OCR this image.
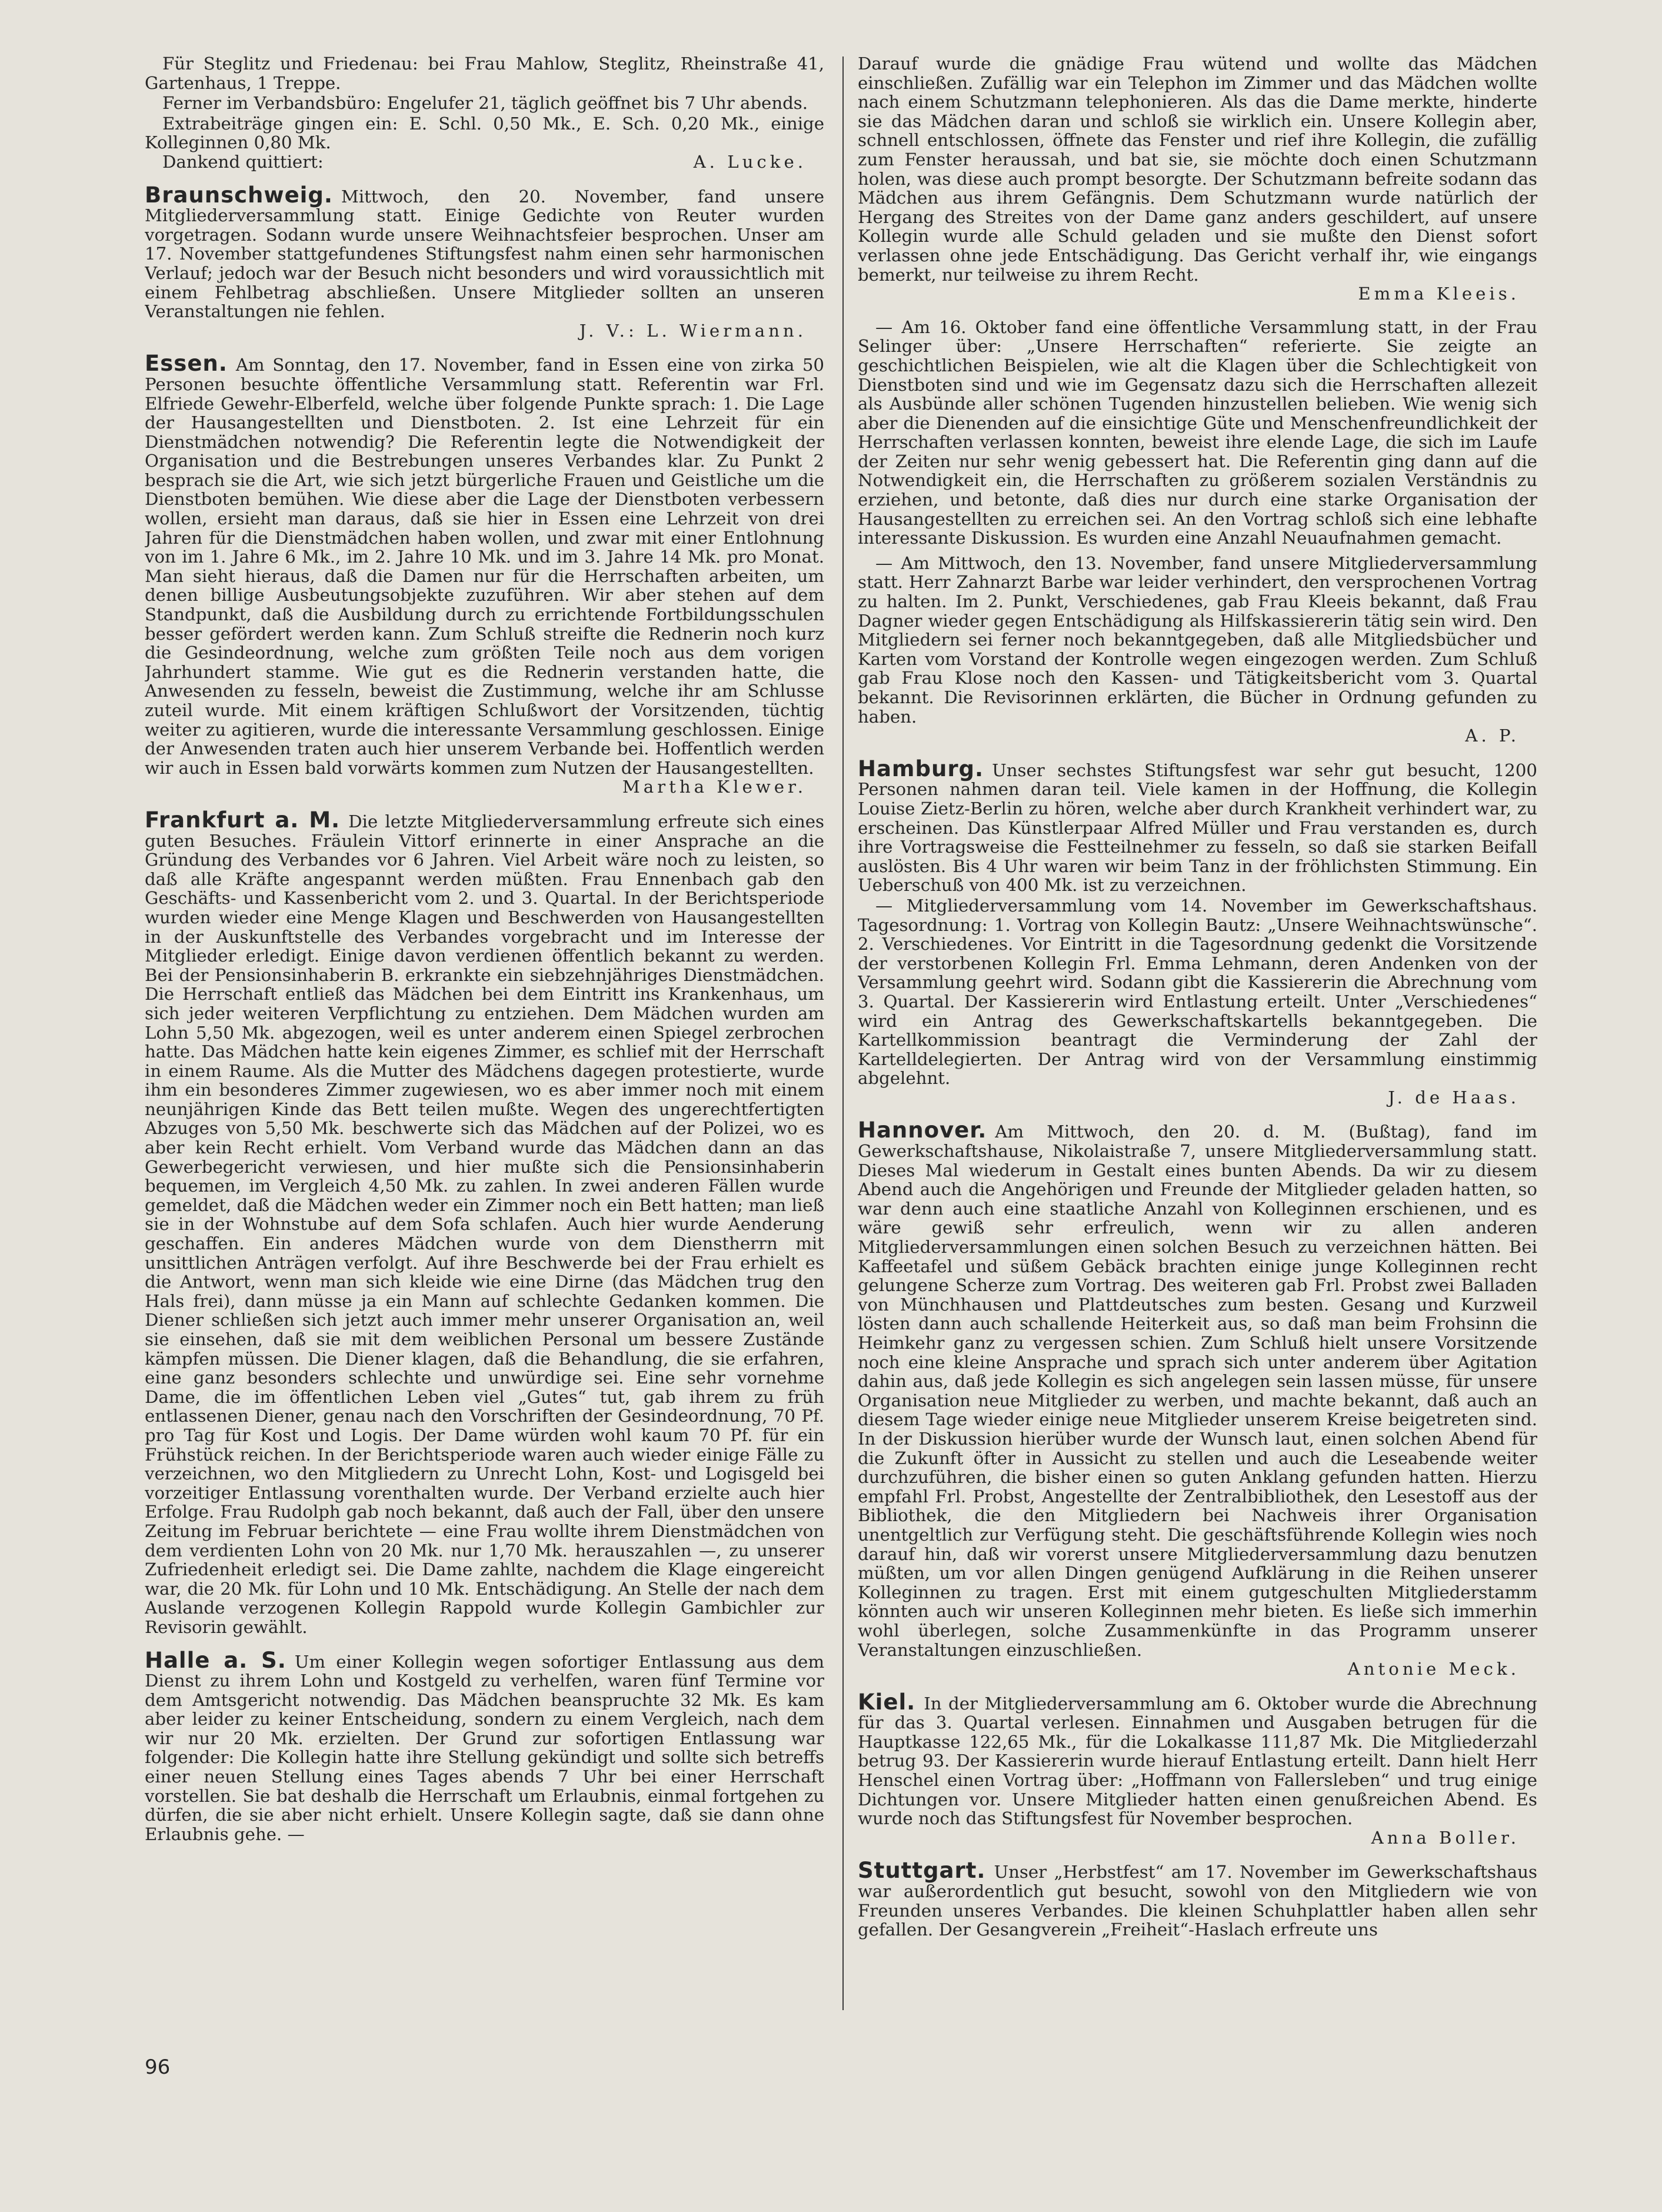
Für Steglitz und Friedenau: bei Frau Mahlow, Steglitz, Rheinstraße 41, Gartenhaus, 1 Treppe.

Ferner im Verbandsbüro: Engelufer 21, täglich geöffnet bis 7 Uhr abends.

Extrabeiträge gingen ein: E. Schl. 0,50 Mk., E. Sch. 0,20 Mk., einige Kolleginnen 0,80 Mk.

Dankend quittiert:	A. Lucke.

Braunschweig. Mittwoch, den 20. November, fand unsere Mitgliederversammlung statt. Einige Gedichte von Reuter wurden vorgetragen. Sodann wurde unsere Weihnachtsfeier besprochen. Unser am 17. November stattgefundenes Stiftungsfest nahm einen sehr harmonischen Verlauf; jedoch war der Besuch nicht besonders und wird voraussichtlich mit einem Fehlbetrag abschließen. Unsere Mitglieder sollten an unseren Veranstaltungen nie fehlen.

J. V.: L. Wiermann.

Essen. Am Sonntag, den 17. November, fand in Essen eine von zirka 50 Personen besuchte öffentliche Versammlung statt. Referentin war Frl. Elfriede Gewehr-Elberfeld, welche über folgende Punkte sprach: 1. Die Lage der Hausangestellten und Dienstboten. 2. Ist eine Lehrzeit für ein Dienstmädchen notwendig? Die Referentin legte die Notwendigkeit der Organisation und die Bestrebungen unseres Verbandes klar. Zu Punkt 2 besprach sie die Art, wie sich jetzt bürgerliche Frauen und Geistliche um die Dienstboten bemühen. Wie diese aber die Lage der Dienstboten verbessern wollen, ersieht man daraus, daß sie hier in Essen eine Lehrzeit von drei Jahren für die Dienstmädchen haben wollen, und zwar mit einer Entlohnung von im 1. Jahre 6 Mk., im 2. Jahre 10 Mk. und im 3. Jahre 14 Mk. pro Monat. Man sieht hieraus, daß die Damen nur für die Herrschaften arbeiten, um denen billige Ausbeutungsobjekte zuzuführen. Wir aber stehen auf dem Standpunkt, daß die Ausbildung durch zu errichtende Fortbildungsschulen besser gefördert werden kann. Zum Schluß streifte die Rednerin noch kurz die Gesindeordnung, welche zum größten Teile noch aus dem vorigen Jahrhundert stamme. Wie gut es die Rednerin verstanden hatte, die Anwesenden zu fesseln, beweist die Zustimmung, welche ihr am Schlusse zuteil wurde. Mit einem kräftigen Schlußwort der Vorsitzenden, tüchtig weiter zu agitieren, wurde die interessante Versammlung geschlossen. Einige der Anwesenden traten auch hier unserem Verbande bei. Hoffentlich werden wir auch in Essen bald vorwärts kommen zum Nutzen der Hausangestellten.

Martha Klewer.

Frankfurt a. M. Die letzte Mitgliederversammlung erfreute sich eines guten Besuches. Fräulein Vittorf erinnerte in einer Ansprache an die Gründung des Verbandes vor 6 Jahren. Viel Arbeit wäre noch zu leisten, so daß alle Kräfte angespannt werden müßten. Frau Ennenbach gab den Geschäfts- und Kassenbericht vom 2. und 3. Quartal. In der Berichtsperiode wurden wieder eine Menge Klagen und Beschwerden von Hausangestellten in der Auskunftstelle des Verbandes vorgebracht und im Interesse der Mitglieder erledigt. Einige davon verdienen öffentlich bekannt zu werden. Bei der Pensionsinhaberin B. erkrankte ein siebzehnjähriges Dienstmädchen. Die Herrschaft entließ das Mädchen bei dem Eintritt ins Krankenhaus, um sich jeder weiteren Verpflichtung zu entziehen. Dem Mädchen wurden am Lohn 5,50 Mk. abgezogen, weil es unter anderem einen Spiegel zerbrochen hatte. Das Mädchen hatte kein eigenes Zimmer, es schlief mit der Herrschaft in einem Raume. Als die Mutter des Mädchens dagegen protestierte, wurde ihm ein besonderes Zimmer zugewiesen, wo es aber immer noch mit einem neunjährigen Kinde das Bett teilen mußte. Wegen des ungerechtfertigten Abzuges von 5,50 Mk. beschwerte sich das Mädchen auf der Polizei, wo es aber kein Recht erhielt. Vom Verband wurde das Mädchen dann an das Gewerbegericht verwiesen, und hier mußte sich die Pensionsinhaberin bequemen, im Vergleich 4,50 Mk. zu zahlen. In zwei anderen Fällen wurde gemeldet, daß die Mädchen weder ein Zimmer noch ein Bett hatten; man ließ sie in der Wohnstube auf dem Sofa schlafen. Auch hier wurde Aenderung geschaffen. Ein anderes Mädchen wurde von dem Dienstherrn mit unsittlichen Anträgen verfolgt. Auf ihre Beschwerde bei der Frau erhielt es die Antwort, wenn man sich kleide wie eine Dirne (das Mädchen trug den Hals frei), dann müsse ja ein Mann auf schlechte Gedanken kommen. Die Diener schließen sich jetzt auch immer mehr unserer Organisation an, weil sie einsehen, daß sie mit dem weiblichen Personal um bessere Zustände kämpfen müssen. Die Diener klagen, daß die Behandlung, die sie erfahren, eine ganz besonders schlechte und unwürdige sei. Eine sehr vornehme Dame, die im öffentlichen Leben viel „Gutes“ tut, gab ihrem zu früh entlassenen Diener, genau nach den Vorschriften der Gesindeordnung, 70 Pf. pro Tag für Kost und Logis. Der Dame würden wohl kaum 70 Pf. für ein Frühstück reichen. In der Berichtsperiode waren auch wieder einige Fälle zu verzeichnen, wo den Mitgliedern zu Unrecht Lohn, Kost- und Logisgeld bei vorzeitiger Entlassung vorenthalten wurde. Der Verband erzielte auch hier Erfolge. Frau Rudolph gab noch bekannt, daß auch der Fall, über den unsere Zeitung im Februar berichtete — eine Frau wollte ihrem Dienstmädchen von dem verdienten Lohn von 20 Mk. nur 1,70 Mk. herauszahlen —, zu unserer Zufriedenheit erledigt sei. Die Dame zahlte, nachdem die Klage eingereicht war, die 20 Mk. für Lohn und 10 Mk. Entschädigung. An Stelle der nach dem Auslande verzogenen Kollegin Rappold wurde Kollegin Gambichler zur Revisorin gewählt.

Halle a. S. Um einer Kollegin wegen sofortiger Entlassung aus dem Dienst zu ihrem Lohn und Kostgeld zu verhelfen, waren fünf Termine vor dem Amtsgericht notwendig. Das Mädchen beanspruchte 32 Mk. Es kam aber leider zu keiner Entscheidung, sondern zu einem Vergleich, nach dem wir nur 20 Mk. erzielten. Der Grund zur sofortigen Entlassung war folgender: Die Kollegin hatte ihre Stellung gekündigt und sollte sich betreffs einer neuen Stellung eines Tages abends 7 Uhr bei einer Herrschaft vorstellen. Sie bat deshalb die Herrschaft um Erlaubnis, einmal fortgehen zu dürfen, die sie aber nicht erhielt. Unsere Kollegin sagte, daß sie dann ohne Erlaubnis gehe. —

Darauf wurde die gnädige Frau wütend und wollte das Mädchen einschließen. Zufällig war ein Telephon im Zimmer und das Mädchen wollte nach einem Schutzmann telephonieren. Als das die Dame merkte, hinderte sie das Mädchen daran und schloß sie wirklich ein. Unsere Kollegin aber, schnell entschlossen, öffnete das Fenster und rief ihre Kollegin, die zufällig zum Fenster heraussah, und bat sie, sie möchte doch einen Schutzmann holen, was diese auch prompt besorgte. Der Schutzmann befreite sodann das Mädchen aus ihrem Gefängnis. Dem Schutzmann wurde natürlich der Hergang des Streites von der Dame ganz anders geschildert, auf unsere Kollegin wurde alle Schuld geladen und sie mußte den Dienst sofort verlassen ohne jede Entschädigung. Das Gericht verhalf ihr, wie eingangs bemerkt, nur teilweise zu ihrem Recht.

Emma Kleeis.

— Am 16. Oktober fand eine öffentliche Versammlung statt, in der Frau Selinger über: „Unsere Herrschaften“ referierte. Sie zeigte an geschichtlichen Beispielen, wie alt die Klagen über die Schlechtigkeit von Dienstboten sind und wie im Gegensatz dazu sich die Herrschaften allezeit als Ausbünde aller schönen Tugenden hinzustellen belieben. Wie wenig sich aber die Dienenden auf die einsichtige Güte und Menschenfreundlichkeit der Herrschaften verlassen konnten, beweist ihre elende Lage, die sich im Laufe der Zeiten nur sehr wenig gebessert hat. Die Referentin ging dann auf die Notwendigkeit ein, die Herrschaften zu größerem sozialen Verständnis zu erziehen, und betonte, daß dies nur durch eine starke Organisation der Hausangestellten zu erreichen sei. An den Vortrag schloß sich eine lebhafte interessante Diskussion. Es wurden eine Anzahl Neuaufnahmen gemacht.

— Am Mittwoch, den 13. November, fand unsere Mitgliederversammlung statt. Herr Zahnarzt Barbe war leider verhindert, den versprochenen Vortrag zu halten. Im 2. Punkt, Verschiedenes, gab Frau Kleeis bekannt, daß Frau Dagner wieder gegen Entschädigung als Hilfskassiererin tätig sein wird. Den Mitgliedern sei ferner noch bekanntgegeben, daß alle Mitgliedsbücher und Karten vom Vorstand der Kontrolle wegen eingezogen werden. Zum Schluß gab Frau Klose noch den Kassen- und Tätigkeitsbericht vom 3. Quartal bekannt. Die Revisorinnen erklärten, die Bücher in Ordnung gefunden zu haben.

A. P.

Hamburg. Unser sechstes Stiftungsfest war sehr gut besucht, 1200 Personen nahmen daran teil. Viele kamen in der Hoffnung, die Kollegin Louise Zietz-Berlin zu hören, welche aber durch Krankheit verhindert war, zu erscheinen. Das Künstlerpaar Alfred Müller und Frau verstanden es, durch ihre Vortragsweise die Festteilnehmer zu fesseln, so daß sie starken Beifall auslösten. Bis 4 Uhr waren wir beim Tanz in der fröhlichsten Stimmung. Ein Ueberschuß von 400 Mk. ist zu verzeichnen.

— Mitgliederversammlung vom 14. November im Gewerkschaftshaus. Tagesordnung: 1. Vortrag von Kollegin Bautz: „Unsere Weihnachtswünsche“. 2. Verschiedenes. Vor Eintritt in die Tagesordnung gedenkt die Vorsitzende der verstorbenen Kollegin Frl. Emma Lehmann, deren Andenken von der Versammlung geehrt wird. Sodann gibt die Kassiererin die Abrechnung vom 3. Quartal. Der Kassiererin wird Entlastung erteilt. Unter „Verschiedenes“ wird ein Antrag des Gewerkschaftskartells bekanntgegeben. Die Kartellkommission beantragt die Verminderung der Zahl der Kartelldelegierten. Der Antrag wird von der Versammlung einstimmig abgelehnt.

J. de Haas.

Hannover. Am Mittwoch, den 20. d. M. (Bußtag), fand im Gewerkschaftshause, Nikolaistraße 7, unsere Mitgliederversammlung statt. Dieses Mal wiederum in Gestalt eines bunten Abends. Da wir zu diesem Abend auch die Angehörigen und Freunde der Mitglieder geladen hatten, so war denn auch eine staatliche Anzahl von Kolleginnen erschienen, und es wäre gewiß sehr erfreulich, wenn wir zu allen anderen Mitgliederversammlungen einen solchen Besuch zu verzeichnen hätten. Bei Kaffeetafel und süßem Gebäck brachten einige junge Kolleginnen recht gelungene Scherze zum Vortrag. Des weiteren gab Frl. Probst zwei Balladen von Münchhausen und Plattdeutsches zum besten. Gesang und Kurzweil lösten dann auch schallende Heiterkeit aus, so daß man beim Frohsinn die Heimkehr ganz zu vergessen schien. Zum Schluß hielt unsere Vorsitzende noch eine kleine Ansprache und sprach sich unter anderem über Agitation dahin aus, daß jede Kollegin es sich angelegen sein lassen müsse, für unsere Organisation neue Mitglieder zu werben, und machte bekannt, daß auch an diesem Tage wieder einige neue Mitglieder unserem Kreise beigetreten sind. In der Diskussion hierüber wurde der Wunsch laut, einen solchen Abend für die Zukunft öfter in Aussicht zu stellen und auch die Leseabende weiter durchzuführen, die bisher einen so guten Anklang gefunden hatten. Hierzu empfahl Frl. Probst, Angestellte der Zentralbibliothek, den Lesestoff aus der Bibliothek, die den Mitgliedern bei Nachweis ihrer Organisation unentgeltlich zur Verfügung steht. Die geschäftsführende Kollegin wies noch darauf hin, daß wir vorerst unsere Mitgliederversammlung dazu benutzen müßten, um vor allen Dingen genügend Aufklärung in die Reihen unserer Kolleginnen zu tragen. Erst mit einem gutgeschulten Mitgliederstamm könnten auch wir unseren Kolleginnen mehr bieten. Es ließe sich immerhin wohl überlegen, solche Zusammenkünfte in das Programm unserer Veranstaltungen einzuschließen.

Antonie Meck.

Kiel. In der Mitgliederversammlung am 6. Oktober wurde die Abrechnung für das 3. Quartal verlesen. Einnahmen und Ausgaben betrugen für die Hauptkasse 122,65 Mk., für die Lokalkasse 111,87 Mk. Die Mitgliederzahl betrug 93. Der Kassiererin wurde hierauf Entlastung erteilt. Dann hielt Herr Henschel einen Vortrag über: „Hoffmann von Fallersleben“ und trug einige Dichtungen vor. Unsere Mitglieder hatten einen genußreichen Abend. Es wurde noch das Stiftungsfest für November besprochen.

Anna Boller.

Stuttgart. Unser „Herbstfest“ am 17. November im Gewerkschaftshaus war außerordentlich gut besucht, sowohl von den Mitgliedern wie von Freunden unseres Verbandes. Die kleinen Schuhplattler haben allen sehr gefallen. Der Gesangverein „Freiheit“-Haslach erfreute uns

96
